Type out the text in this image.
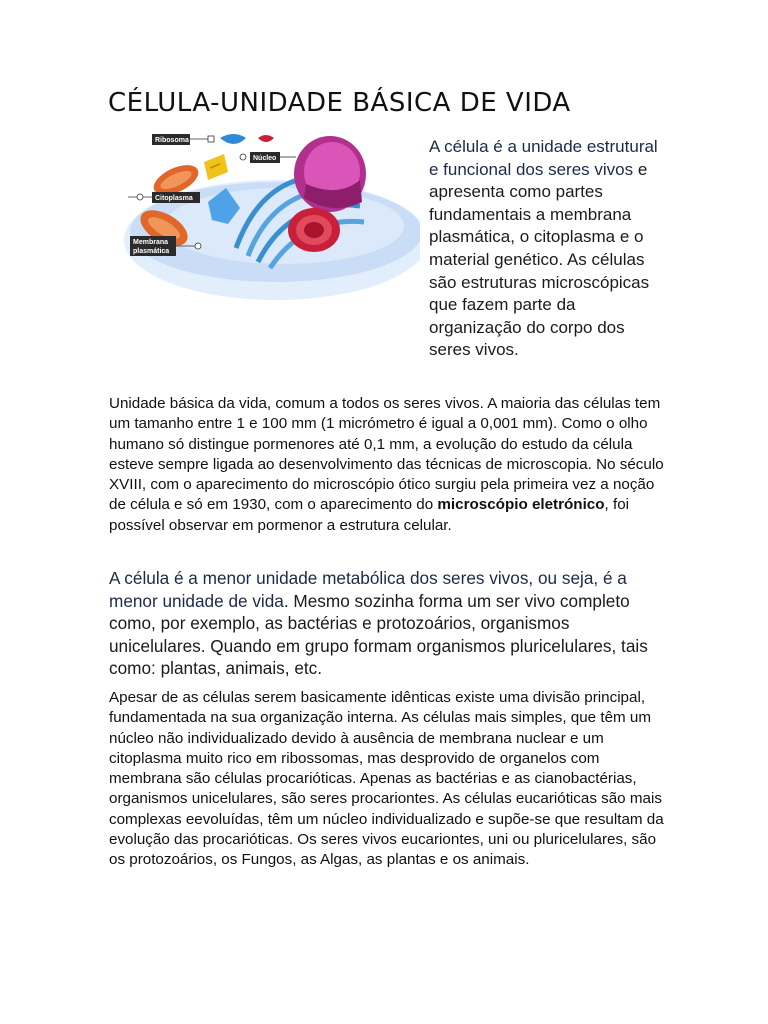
CÉLULA-UNIDADE BÁSICA DE VIDA
Ribosoma
Núcleo
Citoplasma
Membrana
plasmática
A célula é a unidade estrutural e funcional dos seres vivos e apresenta como partes fundamentais a membrana plasmática, o citoplasma e o material genético. As células são estruturas microscópicas que fazem parte da organização do corpo dos seres vivos.
Unidade básica da vida, comum a todos os seres vivos. A maioria das células tem um tamanho entre 1 e 100 mm (1 micrómetro é igual a 0,001 mm). Como o olho humano só distingue pormenores até 0,1 mm, a evolução do estudo da célula esteve sempre ligada ao desenvolvimento das técnicas de microscopia. No século XVIII, com o aparecimento do microscópio ótico surgiu pela primeira vez a noção de célula e só em 1930, com o aparecimento do microscópio eletrónico, foi possível observar em pormenor a estrutura celular.
A célula é a menor unidade metabólica dos seres vivos, ou seja, é a menor unidade de vida. Mesmo sozinha forma um ser vivo completo como, por exemplo, as bactérias e protozoários, organismos unicelulares. Quando em grupo formam organismos pluricelulares, tais como: plantas, animais, etc.
Apesar de as células serem basicamente idênticas existe uma divisão principal, fundamentada na sua organização interna. As células mais simples, que têm um núcleo não individualizado devido à ausência de membrana nuclear e um citoplasma muito rico em ribossomas, mas desprovido de organelos com membrana são células procarióticas. Apenas as bactérias e as cianobactérias, organismos unicelulares, são seres procariontes. As células eucarióticas são mais complexas eevoluídas, têm um núcleo individualizado e supõe-se que resultam da evolução das procarióticas. Os seres vivos eucariontes, uni ou pluricelulares, são os protozoários, os Fungos, as Algas, as plantas e os animais.
